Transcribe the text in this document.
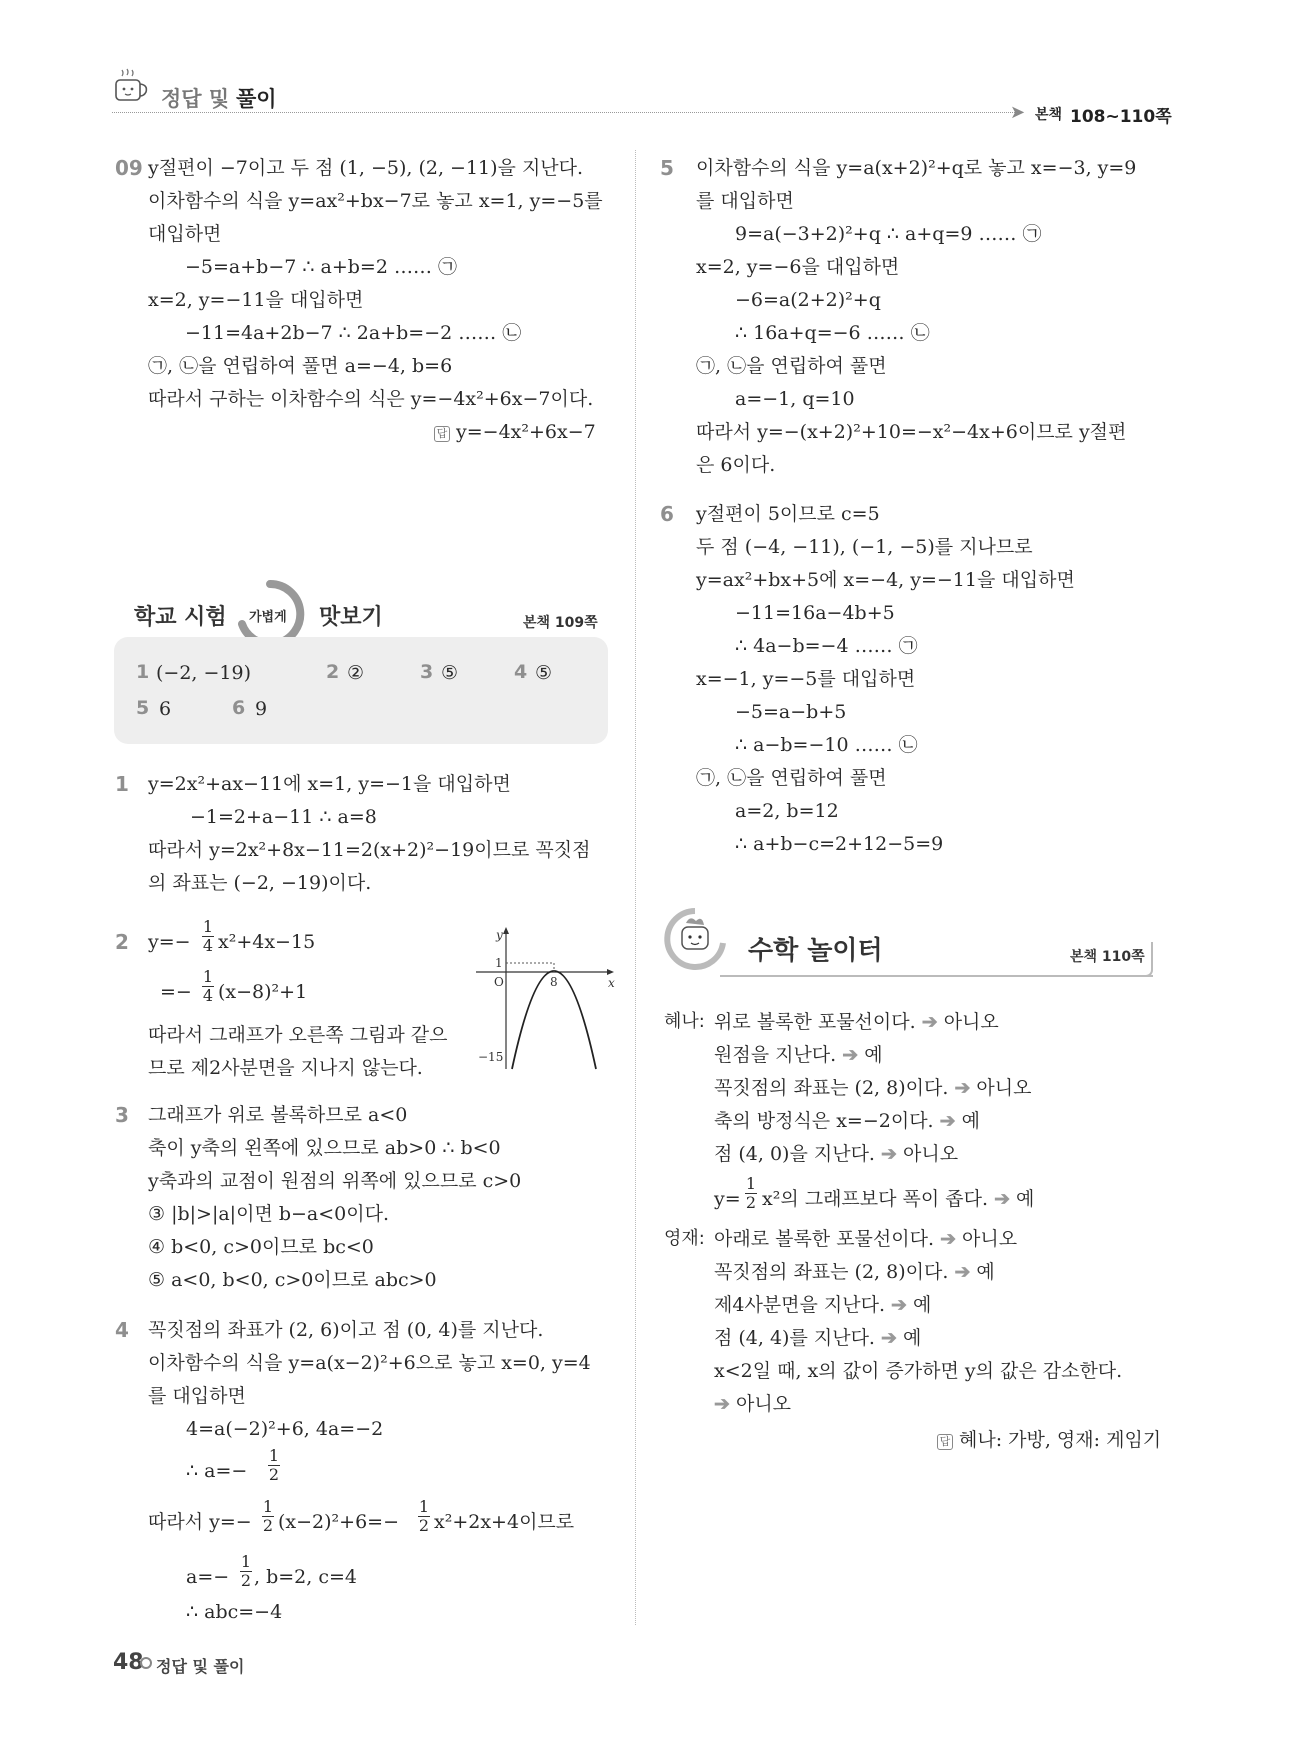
정답 및 풀이
➤ 본책 108~110쪽
09 y절편이 −7이고 두 점 (1, −5), (2, −11)을 지난다.
이차함수의 식을 y=ax²+bx−7로 놓고 x=1, y=−5를
대입하면
−5=a+b−7 ∴ a+b=2 …… ㉠
x=2, y=−11을 대입하면
−11=4a+2b−7 ∴ 2a+b=−2 …… ㉡
㉠, ㉡을 연립하여 풀면 a=−4, b=6
따라서 구하는 이차함수의 식은 y=−4x²+6x−7이다.
답 y=−4x²+6x−7
학교 시험 가볍게 맛보기	본책 109쪽
1 (−2, −19)	2 ②	3 ⑤	4 ⑤
5 6	6 9
1 y=2x²+ax−11에 x=1, y=−1을 대입하면
−1=2+a−11 ∴ a=8
따라서 y=2x²+8x−11=2(x+2)²−19이므로 꼭짓점
의 좌표는 (−2, −19)이다.
2 $y=- \frac{1}{4} x^2+4x-15$
=− $\frac{1}{4} (x-8)^2+1$
따라서 그래프가 오른쪽 그림과 같으
므로 제2사분면을 지나지 않는다.
y
x
1
O	8
−15
3 그래프가 위로 볼록하므로 a<0
축이 y축의 왼쪽에 있으므로 ab>0 ∴ b<0
y축과의 교점이 원점의 위쪽에 있으므로 c>0
③ |b|>|a|이면 b−a<0이다.
④ b<0, c>0이므로 bc<0
⑤ a<0, b<0, c>0이므로 abc>0
4 꼭짓점의 좌표가 (2, 6)이고 점 (0, 4)를 지난다.
이차함수의 식을 y=a(x−2)²+6으로 놓고 x=0, y=4
를 대입하면
4=a(−2)²+6, 4a=−2
∴ $a=- \frac{1}{2}$
따라서 $y=- \frac{1}{2} (x-2)^2+6=- \frac{1}{2} x^2+2x+4$이므로
$a=- \frac{1}{2}$ , b=2, c=4
∴ abc=−4
5 이차함수의 식을 y=a(x+2)²+q로 놓고 x=−3, y=9
를 대입하면
9=a(−3+2)²+q ∴ a+q=9 …… ㉠
x=2, y=−6을 대입하면
−6=a(2+2)²+q
∴ 16a+q=−6 …… ㉡
㉠, ㉡을 연립하여 풀면
a=−1, q=10
따라서 y=−(x+2)²+10=−x²−4x+6이므로 y절편
은 6이다.
6 y절편이 5이므로 c=5
두 점 (−4, −11), (−1, −5)를 지나므로
y=ax²+bx+5에 x=−4, y=−11을 대입하면
−11=16a−4b+5
∴ 4a−b=−4 …… ㉠
x=−1, y=−5를 대입하면
−5=a−b+5
∴ a−b=−10 …… ㉡
㉠, ㉡을 연립하여 풀면
a=2, b=12
∴ a+b−c=2+12−5=9
수학 놀이터	본책 110쪽
혜나: 위로 볼록한 포물선이다. ➔ 아니오
원점을 지난다. ➔ 예
꼭짓점의 좌표는 (2, 8)이다. ➔ 아니오
축의 방정식은 x=−2이다. ➔ 예
점 (4, 0)을 지난다. ➔ 아니오
$y= \frac{1}{2} x^2$의 그래프보다 폭이 좁다. ➔ 예
영재: 아래로 볼록한 포물선이다. ➔ 아니오
꼭짓점의 좌표는 (2, 8)이다. ➔ 예
제4사분면을 지난다. ➔ 예
점 (4, 4)를 지난다. ➔ 예
x<2일 때, x의 값이 증가하면 y의 값은 감소한다.
➔ 아니오
답 혜나: 가방, 영재: 게임기
48 정답 및 풀이
